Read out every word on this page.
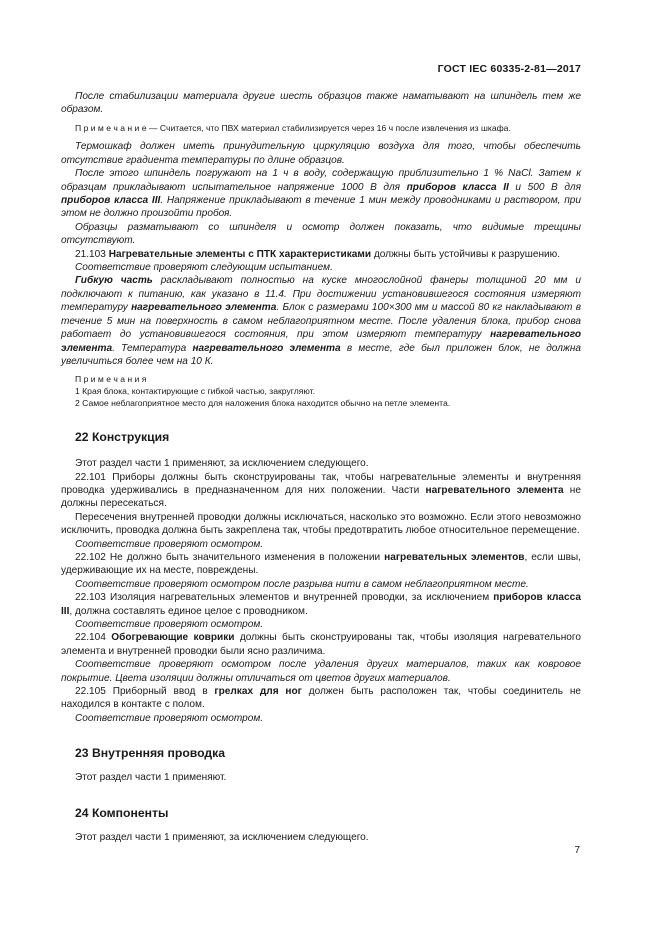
ГОСТ IEC 60335-2-81—2017

После стабилизации материала другие шесть образцов также наматывают на шпиндель тем же образом.

П р и м е ч а н и е — Считается, что ПВХ материал стабилизируется через 16 ч после извлечения из шкафа.

Термошкаф должен иметь принудительную циркуляцию воздуха для того, чтобы обеспечить отсутствие градиента температуры по длине образцов.

После этого шпиндель погружают на 1 ч в воду, содержащую приблизительно 1 % NaCl. Затем к образцам прикладывают испытательное напряжение 1000 В для приборов класса II и 500 В для приборов класса III. Напряжение прикладывают в течение 1 мин между проводниками и раствором, при этом не должно произойти пробоя.

Образцы разматывают со шпинделя и осмотр должен показать, что видимые трещины отсутствуют.

21.103 Нагревательные элементы с ПТК характеристиками должны быть устойчивы к разрушению.

Соответствие проверяют следующим испытанием.

Гибкую часть раскладывают полностью на куске многослойной фанеры толщиной 20 мм и подключают к питанию, как указано в 11.4. При достижении установившегося состояния измеряют температуру нагревательного элемента. Блок с размерами 100×300 мм и массой 80 кг накладывают в течение 5 мин на поверхность в самом неблагоприятном месте. После удаления блока, прибор снова работает до установившегося состояния, при этом измеряют температуру нагревательного элемента. Температура нагревательного элемента в месте, где был приложен блок, не должна увеличиться более чем на 10 К.

П р и м е ч а н и я

1 Края блока, контактирующие с гибкой частью, закругляют.

2 Самое неблагоприятное место для наложения блока находится обычно на петле элемента.

22 Конструкция

Этот раздел части 1 применяют, за исключением следующего.

22.101 Приборы должны быть сконструированы так, чтобы нагревательные элементы и внутренняя проводка удерживались в предназначенном для них положении. Части нагревательного элемента не должны пересекаться.

Пересечения внутренней проводки должны исключаться, насколько это возможно. Если этого невозможно исключить, проводка должна быть закреплена так, чтобы предотвратить любое относительное перемещение.

Соответствие проверяют осмотром.

22.102 Не должно быть значительного изменения в положении нагревательных элементов, если швы, удерживающие их на месте, повреждены.

Соответствие проверяют осмотром после разрыва нити в самом неблагоприятном месте.

22.103 Изоляция нагревательных элементов и внутренней проводки, за исключением приборов класса III, должна составлять единое целое с проводником.

Соответствие проверяют осмотром.

22.104 Обогревающие коврики должны быть сконструированы так, чтобы изоляция нагревательного элемента и внутренней проводки были ясно различима.

Соответствие проверяют осмотром после удаления других материалов, таких как ковровое покрытие. Цвета изоляции должны отличаться от цветов других материалов.

22.105 Приборный ввод в грелках для ног должен быть расположен так, чтобы соединитель не находился в контакте с полом.

Соответствие проверяют осмотром.

23 Внутренняя проводка

Этот раздел части 1 применяют.

24 Компоненты

Этот раздел части 1 применяют, за исключением следующего.

7
